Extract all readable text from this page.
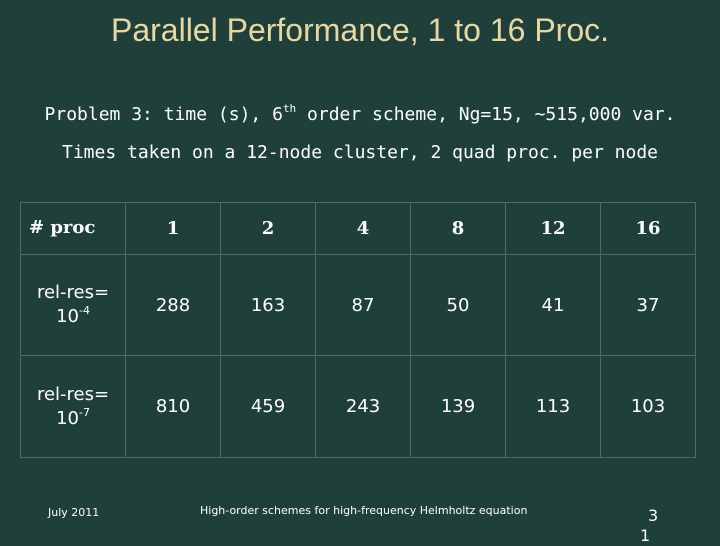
Parallel Performance, 1 to 16 Proc.
Problem 3: time (s), 6th order scheme, Ng=15, ~515,000 var.
Times taken on a 12-node cluster, 2 quad proc. per node
# proc	1	2	4	8	12	16
rel-res=
$10^{-4}$	288	163	87	50	41	37
rel-res=
$10^{-7}$	810	459	243	139	113	103
July 2011	High-order schemes for high-frequency Helmholtz equation	3
1
